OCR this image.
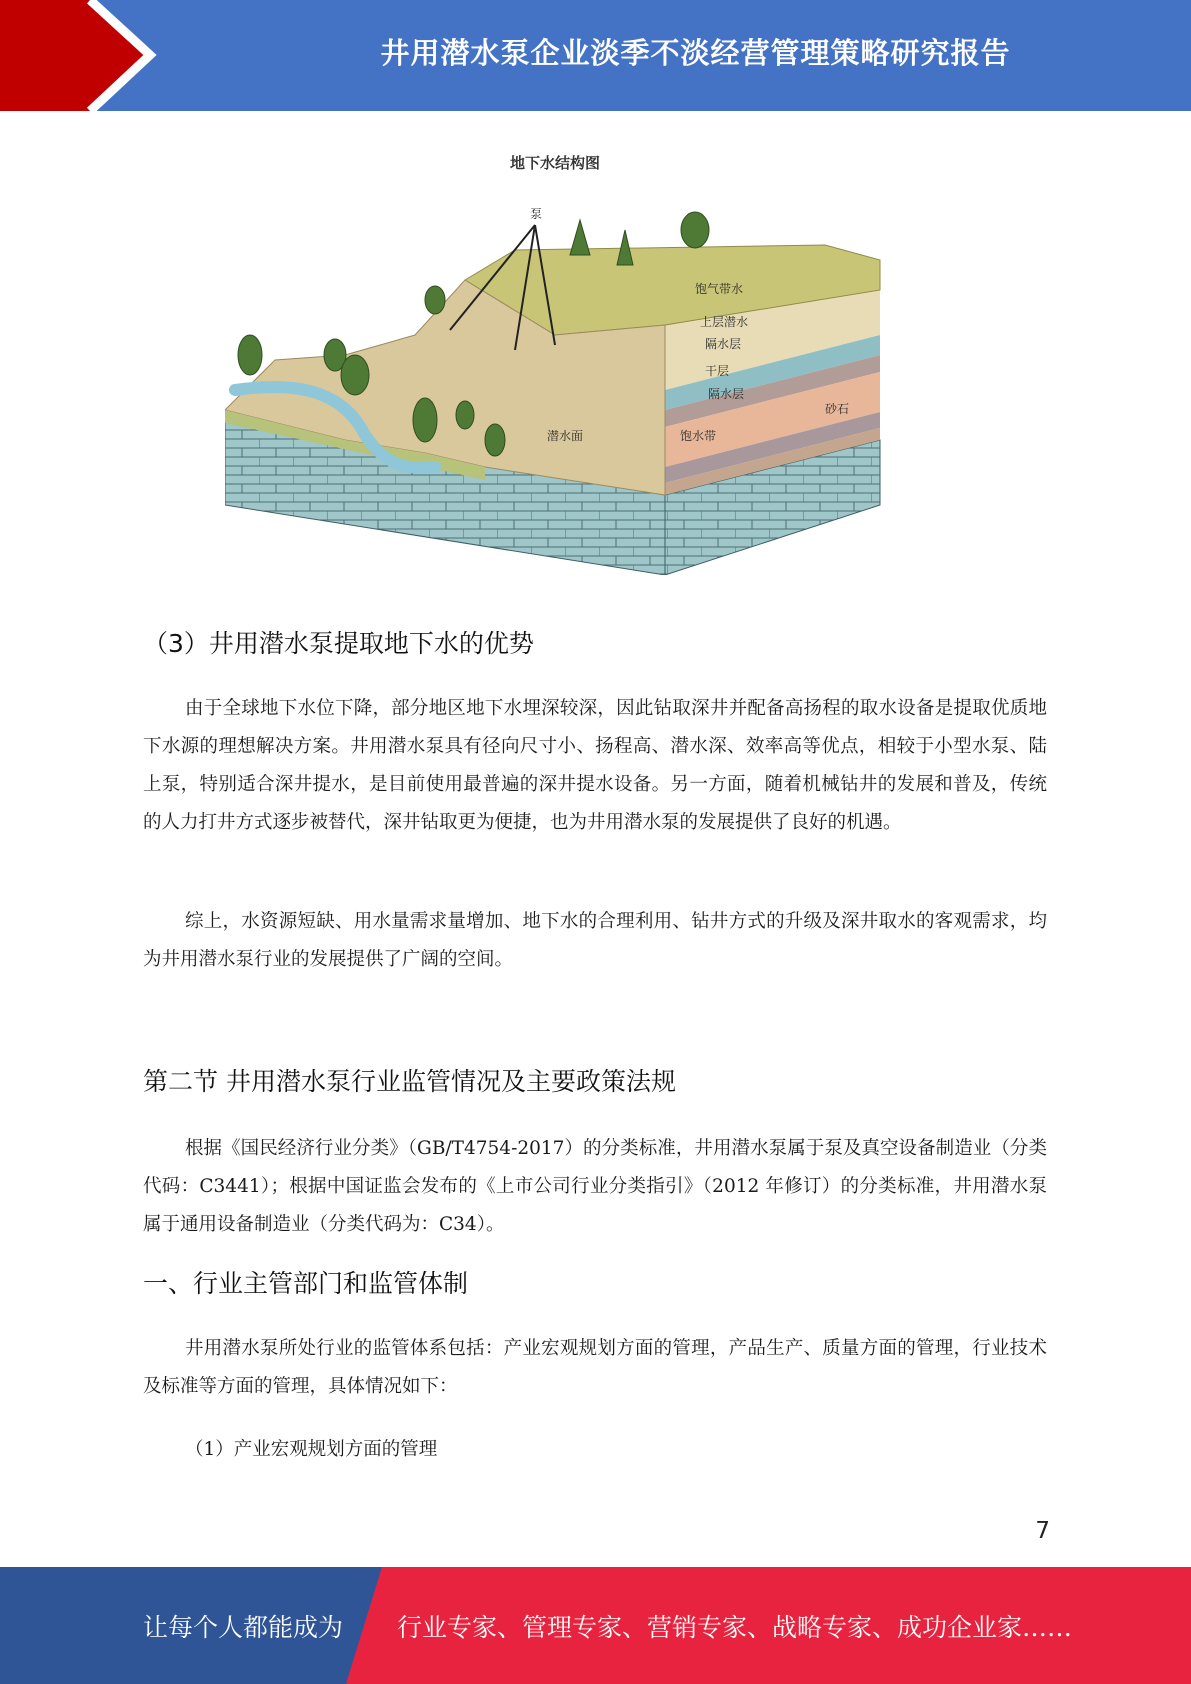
井用潜水泵企业淡季不淡经营管理策略研究报告
地下水结构图
泵
饱气带水
上层潜水
隔水层
干层
隔水层
砂石
潜水面	饱水带
（3）井用潜水泵提取地下水的优势

由于全球地下水位下降，部分地区地下水埋深较深，因此钻取深井并配备高扬程的取水设备是提取优质地下水源的理想解决方案。井用潜水泵具有径向尺寸小、扬程高、潜水深、效率高等优点，相较于小型水泵、陆上泵，特别适合深井提水，是目前使用最普遍的深井提水设备。另一方面，随着机械钻井的发展和普及，传统的人力打井方式逐步被替代，深井钻取更为便捷，也为井用潜水泵的发展提供了良好的机遇。

综上，水资源短缺、用水量需求量增加、地下水的合理利用、钻井方式的升级及深井取水的客观需求，均为井用潜水泵行业的发展提供了广阔的空间。

第二节 井用潜水泵行业监管情况及主要政策法规

根据《国民经济行业分类》（GB/T4754-2017）的分类标准，井用潜水泵属于泵及真空设备制造业（分类代码：C3441）；根据中国证监会发布的《上市公司行业分类指引》（2012 年修订）的分类标准，井用潜水泵属于通用设备制造业（分类代码为：C34）。

一、行业主管部门和监管体制

井用潜水泵所处行业的监管体系包括：产业宏观规划方面的管理，产品生产、质量方面的管理，行业技术及标准等方面的管理，具体情况如下：

（1）产业宏观规划方面的管理
7
让每个人都能成为 行业专家、管理专家、营销专家、战略专家、成功企业家……
